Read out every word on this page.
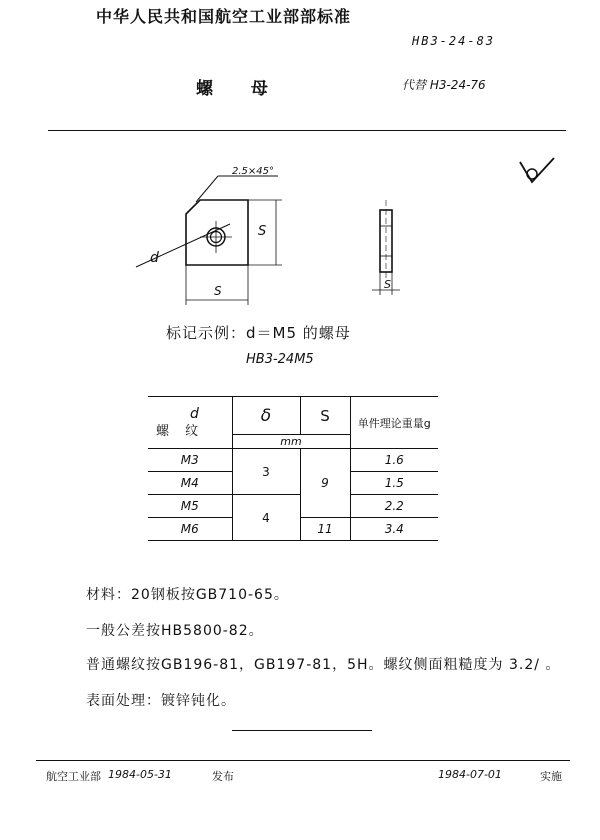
中华人民共和国航空工业部部标准
HB3-24-83
螺 母	代替 H3-24-76
2.5×45°
d
S
S	S
标记示例：d＝M5 的螺母
HB3-24M5
d
螺 纹	δ	S	单件理论重量g
	mm		
M3	3	9	1.6
M4			1.5
M5	4		2.2
M6		11	3.4
材料：20钢板按GB710-65。
一般公差按HB5800-82。
普通螺纹按GB196-81，GB197-81，5H。螺纹侧面粗糙度为 3.2/ 。
表面处理：镀锌钝化。
航空工业部 1984-05-31	发布	1984-07-01	实施
